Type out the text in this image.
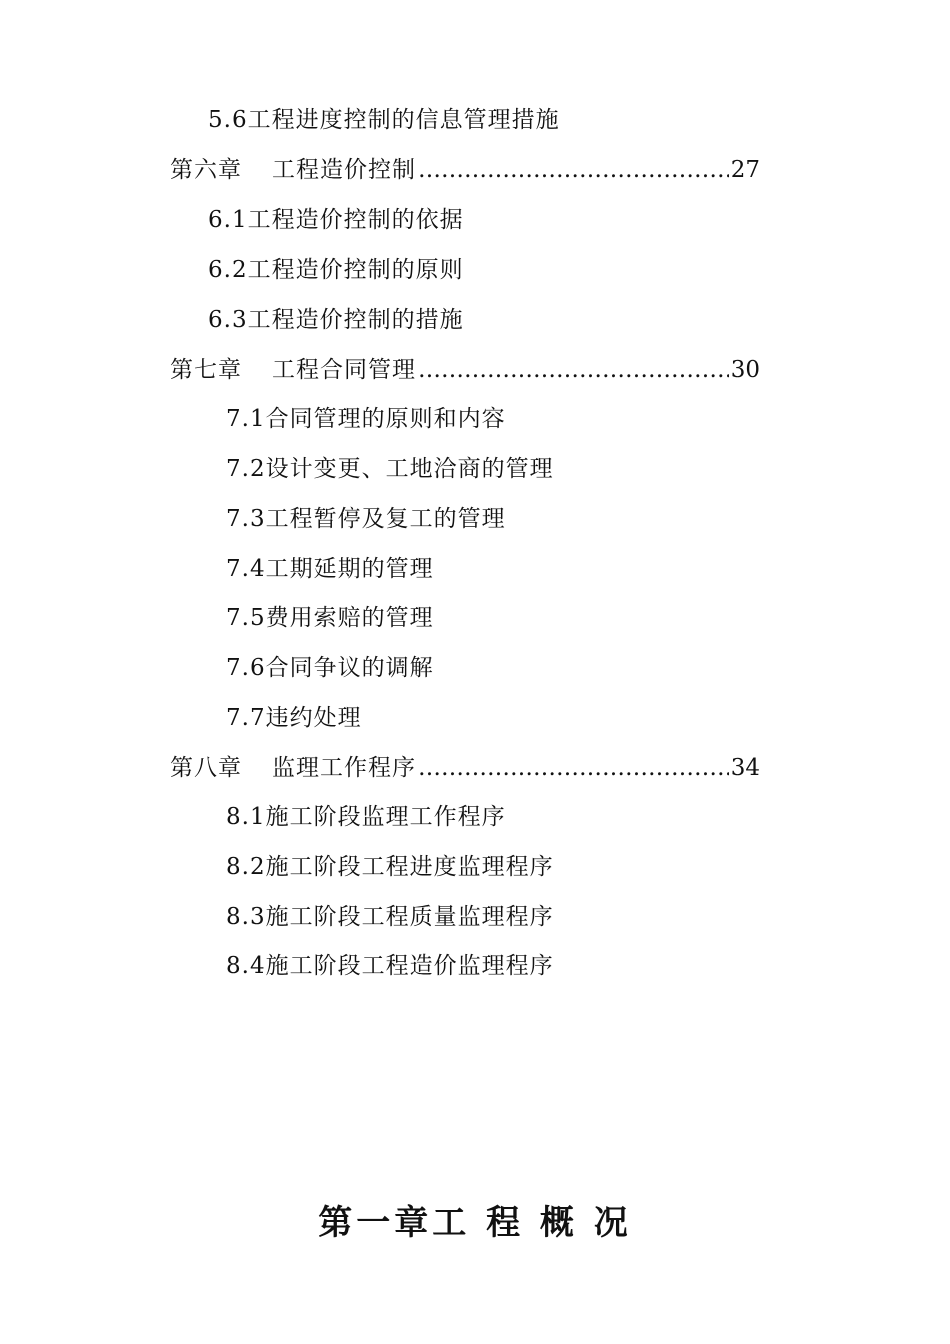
5.6工程进度控制的信息管理措施
第六章 工程造价控制 ……………………………………………………………………………………	27
6.1工程造价控制的依据
6.2工程造价控制的原则
6.3工程造价控制的措施
第七章 工程合同管理 ……………………………………………………………………………………	30
7.1合同管理的原则和内容
7.2设计变更、工地洽商的管理
7.3工程暂停及复工的管理
7.4工期延期的管理
7.5费用索赔的管理
7.6合同争议的调解
7.7违约处理
第八章 监理工作程序 ……………………………………………………………………………………	34
8.1施工阶段监理工作程序
8.2施工阶段工程进度监理程序
8.3施工阶段工程质量监理程序
8.4施工阶段工程造价监理程序
第一章工 程 概 况
